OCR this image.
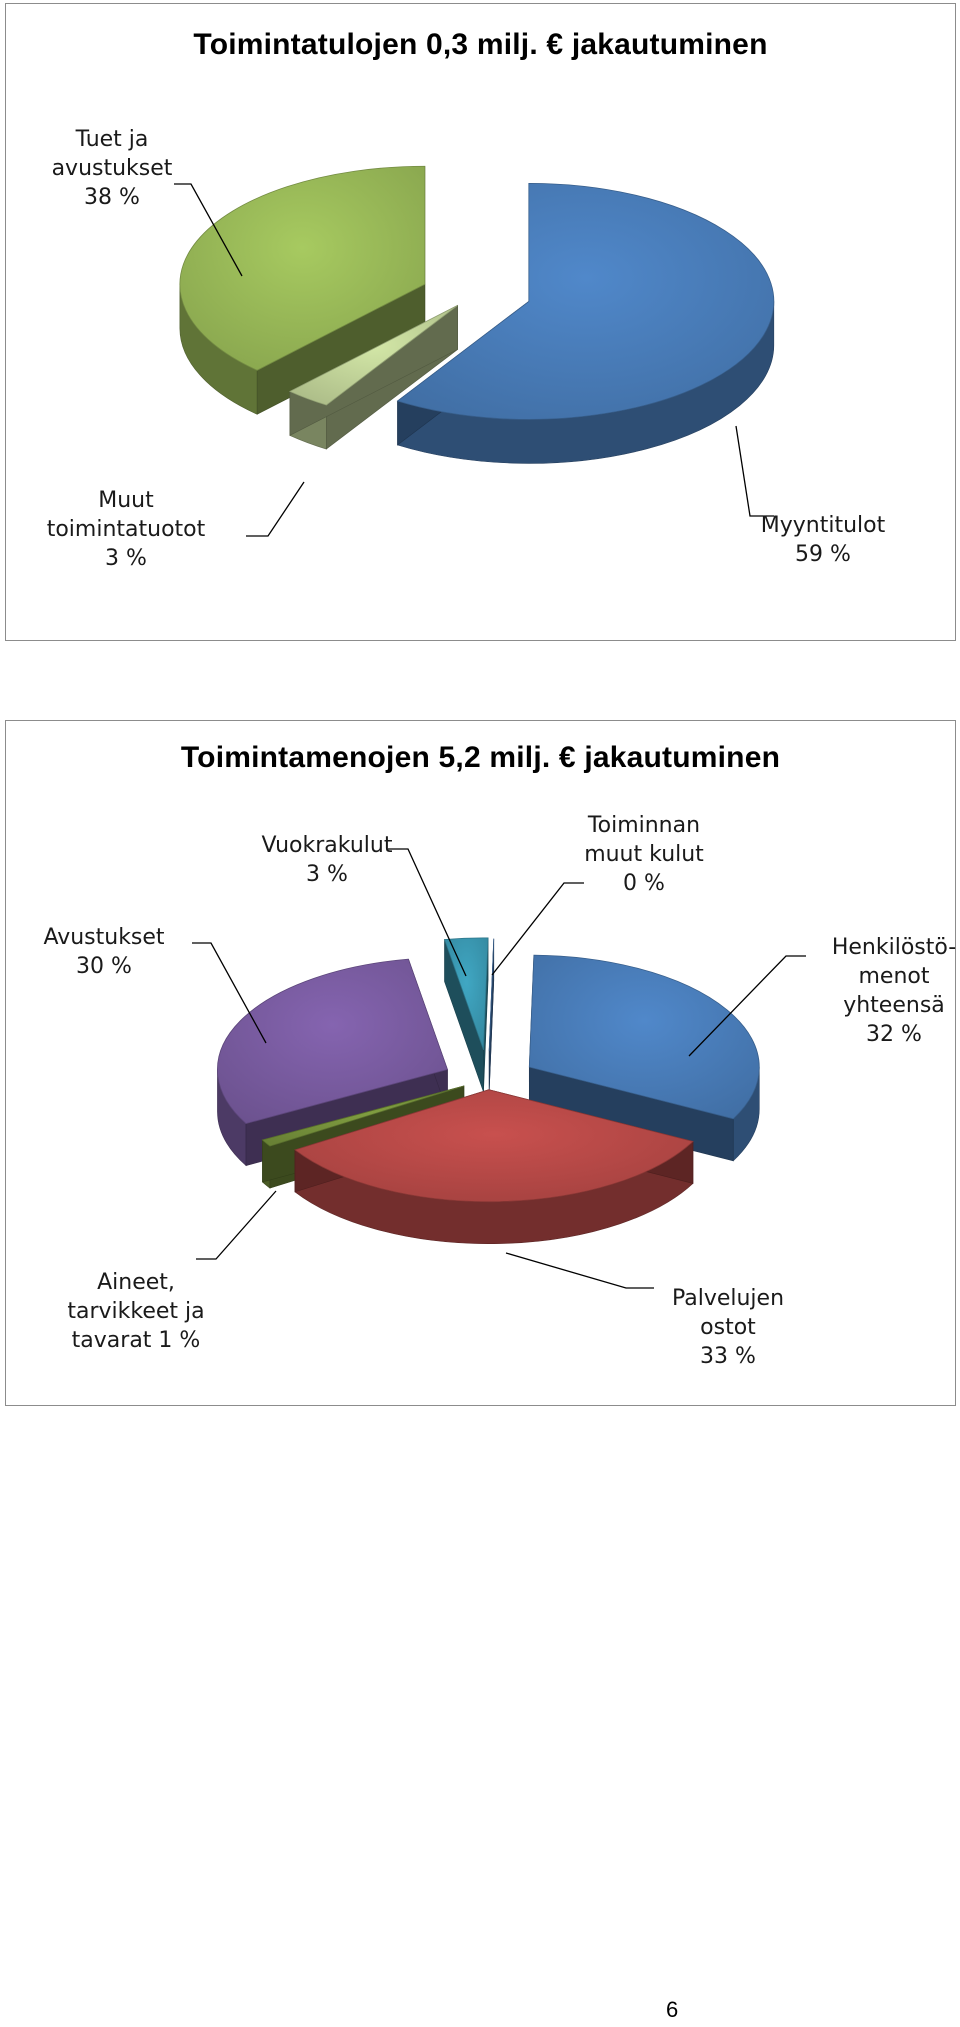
Toimintatulojen 0,3 milj. € jakautuminen
Myyntitulot 59 %
Muut toimintatuotot 3 %
Tuet ja avustukset 38 %
Toimintamenojen 5,2 milj. € jakautuminen
Henkilöstö-menot yhteensä 32 %
Palvelujen ostot 33 %
Aineet, tarvikkeet ja tavarat 1 %
Avustukset 30 %
Vuokrakulut 3 %
Toiminnan muut kulut 0 %
6
